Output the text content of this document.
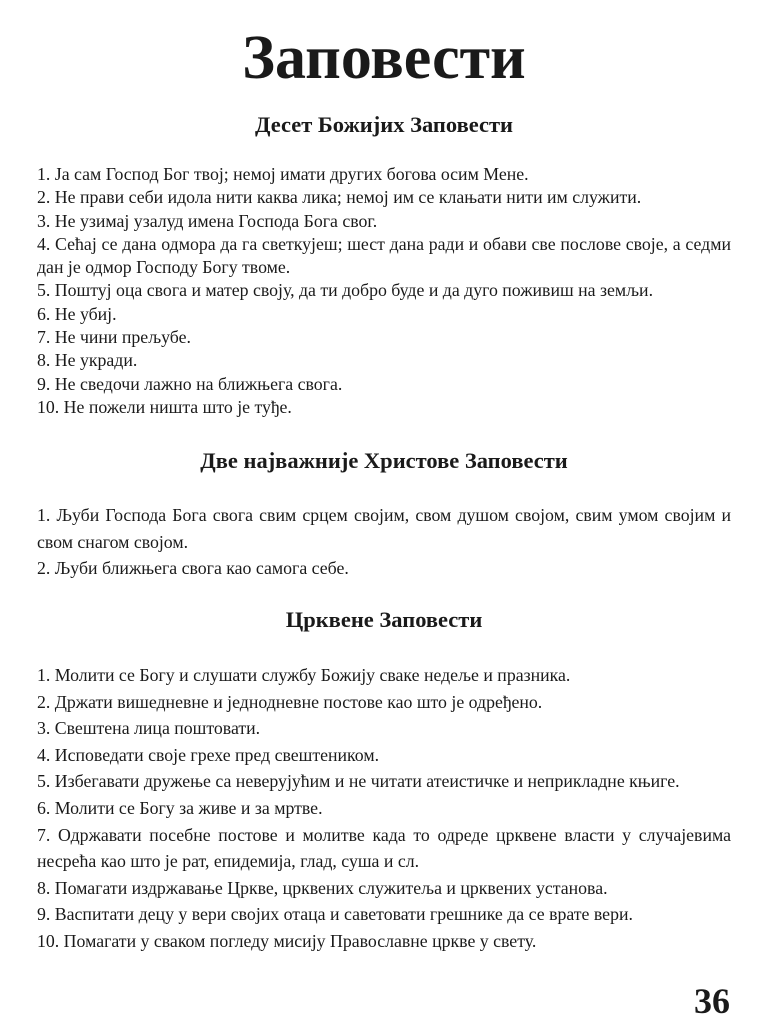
Заповести
Десет Божијих Заповести
1. Ја сам Господ Бог твој; немој имати других богова осим Мене.
2. Не прави себи идола нити каква лика; немој им се клањати нити им служити.
3. Не узимај узалуд имена Господа Бога свог.
4. Сећај се дана одмора да га светкујеш; шест дана ради и обави све послове своје, а седми дан је одмор Господу Богу твоме.
5. Поштуј оца свога и матер своју, да ти добро буде и да дуго поживиш на земљи.
6. Не убиј.
7. Не чини прељубе.
8. Не укради.
9. Не сведочи лажно на ближњега свога.
10. Не пожели ништа што је туђе.
Две најважније Христове Заповести
1. Љуби Господа Бога свога свим срцем својим, свом душом својом, свим умом својим и свом снагом својом.
2. Љуби ближњега свога као самога себе.
Црквене Заповести
1. Молити се Богу и слушати службу Божију сваке недеље и празника.
2. Држати вишедневне и једнодневне постове као што је одређено.
3. Свештена лица поштовати.
4. Исповедати своје грехе пред свештеником.
5. Избегавати дружење са неверујућим и не читати атеистичке и неприкладне књиге.
6. Молити се Богу за живе и за мртве.
7. Одржавати посебне постове и молитве када то одреде црквене власти у случајевима несрећа као што је рат, епидемија, глад, суша и сл.
8. Помагати издржавање Цркве, црквених служитеља и црквених установа.
9. Васпитати децу у вери својих отаца и саветовати грешнике да се врате вери.
10. Помагати у сваком погледу мисију Православне цркве у свету.
36
